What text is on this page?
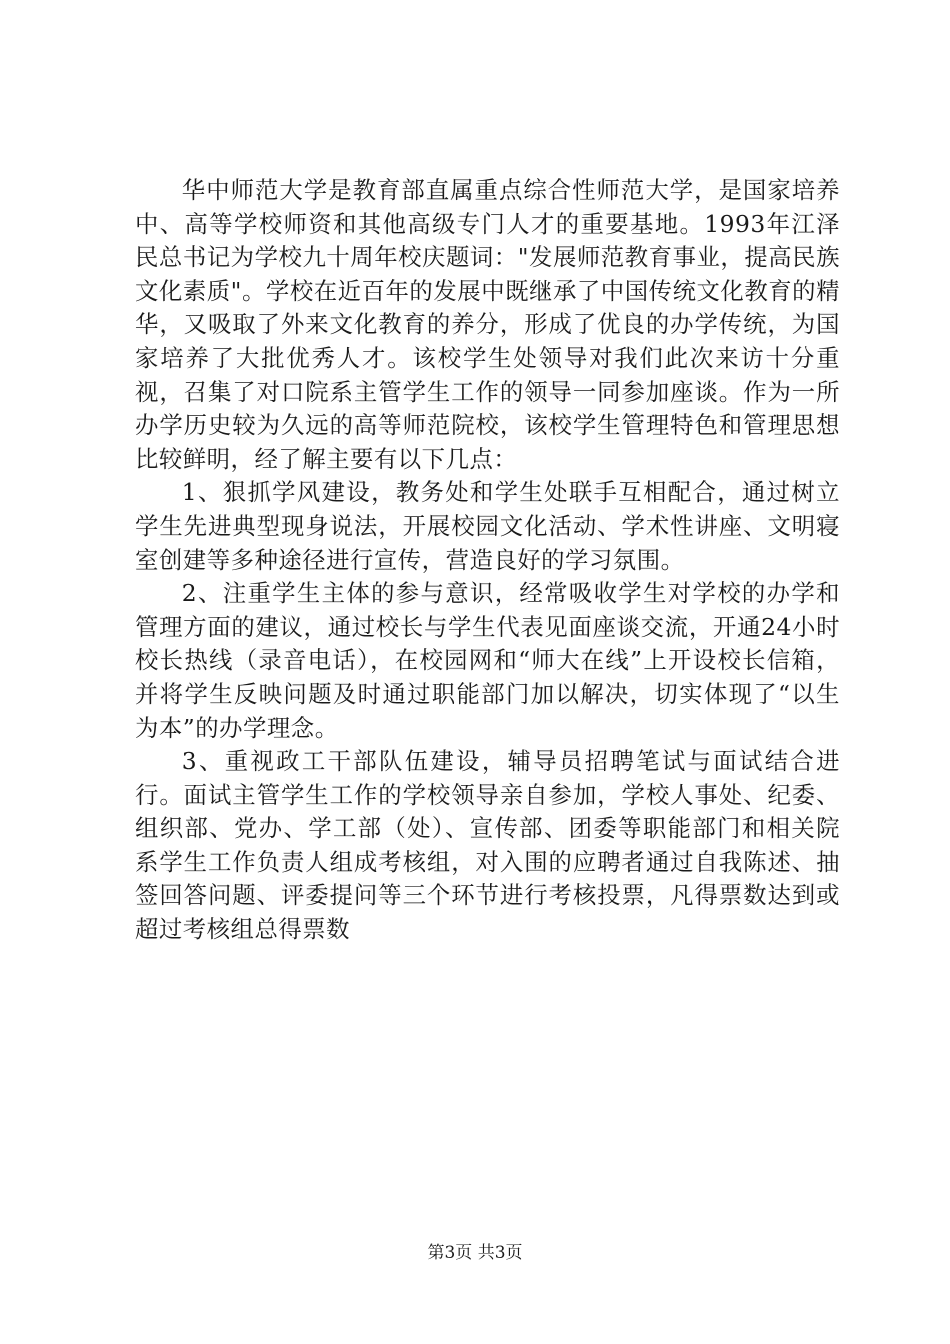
华中师范大学是教育部直属重点综合性师范大学，是国家培养中、高等学校师资和其他高级专门人才的重要基地。1993年江泽民总书记为学校九十周年校庆题词："发展师范教育事业，提高民族文化素质"。学校在近百年的发展中既继承了中国传统文化教育的精华，又吸取了外来文化教育的养分，形成了优良的办学传统，为国家培养了大批优秀人才。该校学生处领导对我们此次来访十分重视，召集了对口院系主管学生工作的领导一同参加座谈。作为一所办学历史较为久远的高等师范院校，该校学生管理特色和管理思想比较鲜明，经了解主要有以下几点：

1、狠抓学风建设，教务处和学生处联手互相配合，通过树立学生先进典型现身说法，开展校园文化活动、学术性讲座、文明寝室创建等多种途径进行宣传，营造良好的学习氛围。

2、注重学生主体的参与意识，经常吸收学生对学校的办学和管理方面的建议，通过校长与学生代表见面座谈交流，开通24小时校长热线（录音电话），在校园网和“师大在线”上开设校长信箱，并将学生反映问题及时通过职能部门加以解决，切实体现了“以生为本”的办学理念。

3、重视政工干部队伍建设，辅导员招聘笔试与面试结合进行。面试主管学生工作的学校领导亲自参加，学校人事处、纪委、组织部、党办、学工部（处）、宣传部、团委等职能部门和相关院系学生工作负责人组成考核组，对入围的应聘者通过自我陈述、抽签回答问题、评委提问等三个环节进行考核投票，凡得票数达到或超过考核组总得票数

第3页 共3页
